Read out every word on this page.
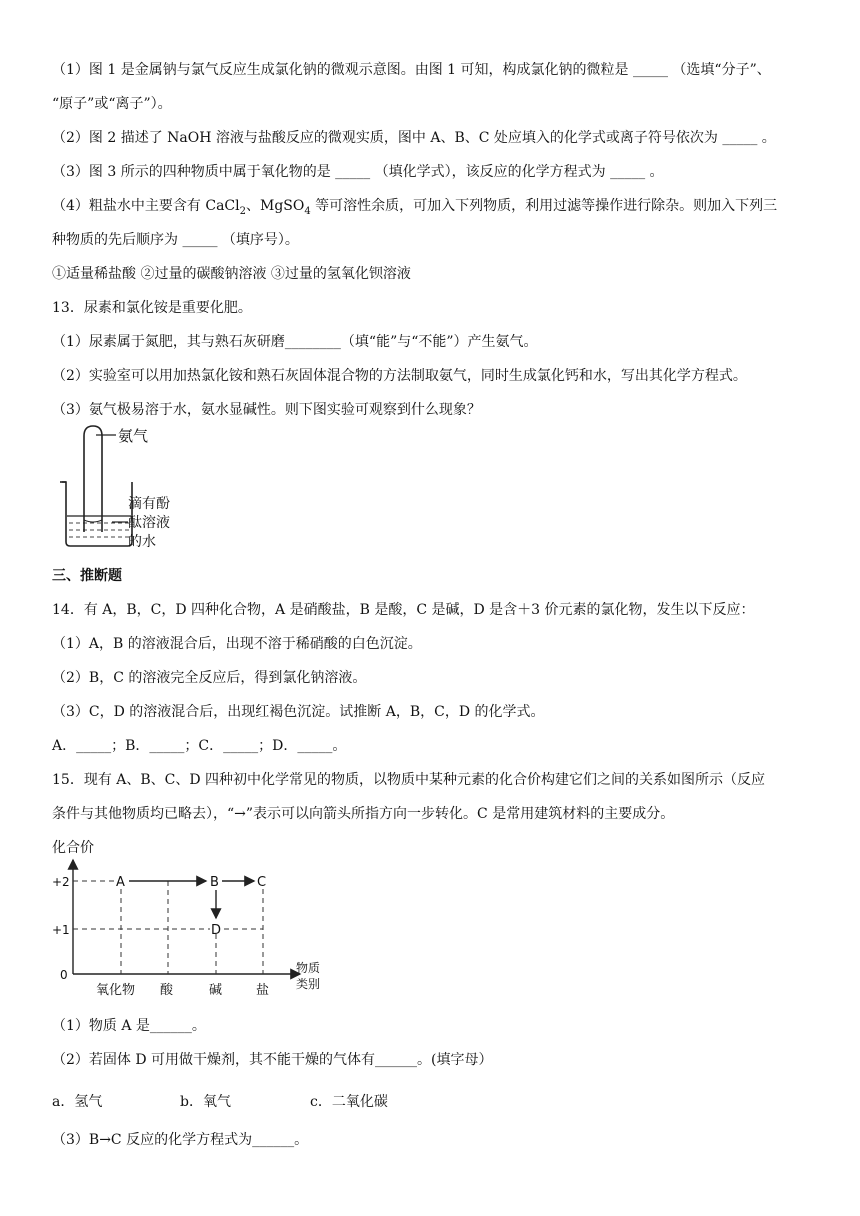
（1）图 1 是金属钠与氯气反应生成氯化钠的微观示意图。由图 1 可知，构成氯化钠的微粒是 _____ （选填“分子”、
“原子”或“离子”）。
（2）图 2 描述了 NaOH 溶液与盐酸反应的微观实质，图中 A、B、C 处应填入的化学式或离子符号依次为 _____ 。
（3）图 3 所示的四种物质中属于氧化物的是 _____ （填化学式），该反应的化学方程式为 _____ 。
（4）粗盐水中主要含有 CaCl$_2$、MgSO$_4$ 等可溶性余质，可加入下列物质，利用过滤等操作进行除杂。则加入下列三
种物质的先后顺序为 _____ （填序号）。
①适量稀盐酸 ②过量的碳酸钠溶液 ③过量的氢氧化钡溶液
13．尿素和氯化铵是重要化肥。
（1）尿素属于氮肥，其与熟石灰研磨________（填“能”与“不能”）产生氨气。
（2）实验室可以用加热氯化铵和熟石灰固体混合物的方法制取氨气，同时生成氯化钙和水，写出其化学方程式。
（3）氨气极易溶于水，氨水显碱性。则下图实验可观察到什么现象？
氨气
滴有酚
酞溶液
的水
三、推断题
14．有 A，B，C，D 四种化合物，A 是硝酸盐，B 是酸，C 是碱，D 是含＋3 价元素的氯化物，发生以下反应：
（1）A，B 的溶液混合后，出现不溶于稀硝酸的白色沉淀。
（2）B，C 的溶液完全反应后，得到氯化钠溶液。
（3）C，D 的溶液混合后，出现红褐色沉淀。试推断 A，B，C，D 的化学式。
A．_____；B．_____；C．_____；D．_____。
15．现有 A、B、C、D 四种初中化学常见的物质，以物质中某种元素的化合价构建它们之间的关系如图所示（反应
条件与其他物质均已略去），“→”表示可以向箭头所指方向一步转化。C 是常用建筑材料的主要成分。
化合价
+2
+1
0
A	B	C
D
物质
类别
氧化物 酸	碱	盐
（1）物质 A 是______。
（2）若固体 D 可用做干燥剂，其不能干燥的气体有______。(填字母）
a．氢气	b．氧气	c．二氧化碳
（3）B→C 反应的化学方程式为______。
